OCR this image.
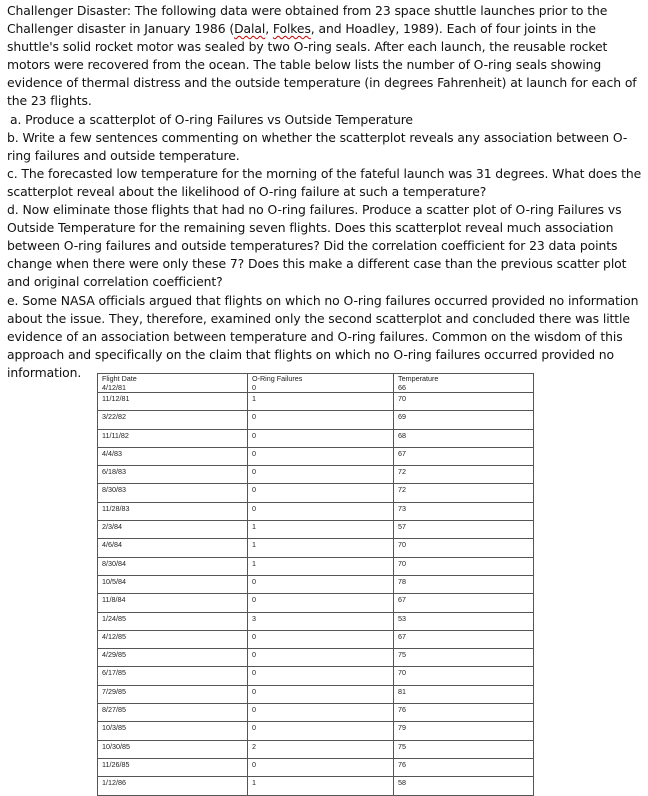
Challenger Disaster: The following data were obtained from 23 space shuttle launches prior to the Challenger disaster in January 1986 (Dalal, Folkes, and Hoadley, 1989). Each of four joints in the shuttle's solid rocket motor was sealed by two O-ring seals. After each launch, the reusable rocket motors were recovered from the ocean. The table below lists the number of O-ring seals showing evidence of thermal distress and the outside temperature (in degrees Fahrenheit) at launch for each of the 23 flights.

a. Produce a scatterplot of O-ring Failures vs Outside Temperature

b. Write a few sentences commenting on whether the scatterplot reveals any association between O-ring failures and outside temperature.

c. The forecasted low temperature for the morning of the fateful launch was 31 degrees. What does the scatterplot reveal about the likelihood of O-ring failure at such a temperature?

d. Now eliminate those flights that had no O-ring failures. Produce a scatter plot of O-ring Failures vs Outside Temperature for the remaining seven flights. Does this scatterplot reveal much association between O-ring failures and outside temperatures? Did the correlation coefficient for 23 data points change when there were only these 7? Does this make a different case than the previous scatter plot and original correlation coefficient?

e. Some NASA officials argued that flights on which no O-ring failures occurred provided no information about the issue. They, therefore, examined only the second scatterplot and concluded there was little evidence of an association between temperature and O-ring failures. Common on the wisdom of this approach and specifically on the claim that flights on which no O-ring failures occurred provided no information.	Flight Date	O-Ring Failures	Temperature
4/12/81	0	66
11/12/81	1	70
3/22/82	0	69
11/11/82	0	68
4/4/83	0	67
6/18/83	0	72
8/30/83	0	72
11/28/83	0	73
2/3/84	1	57
4/6/84	1	70
8/30/84	1	70
10/5/84	0	78
11/8/84	0	67
1/24/85	3	53
4/12/85	0	67
4/29/85	0	75
6/17/85	0	70
7/29/85	0	81
8/27/85	0	76
10/3/85	0	79
10/30/85	2	75
11/26/85	0	76
1/12/86	1	58
